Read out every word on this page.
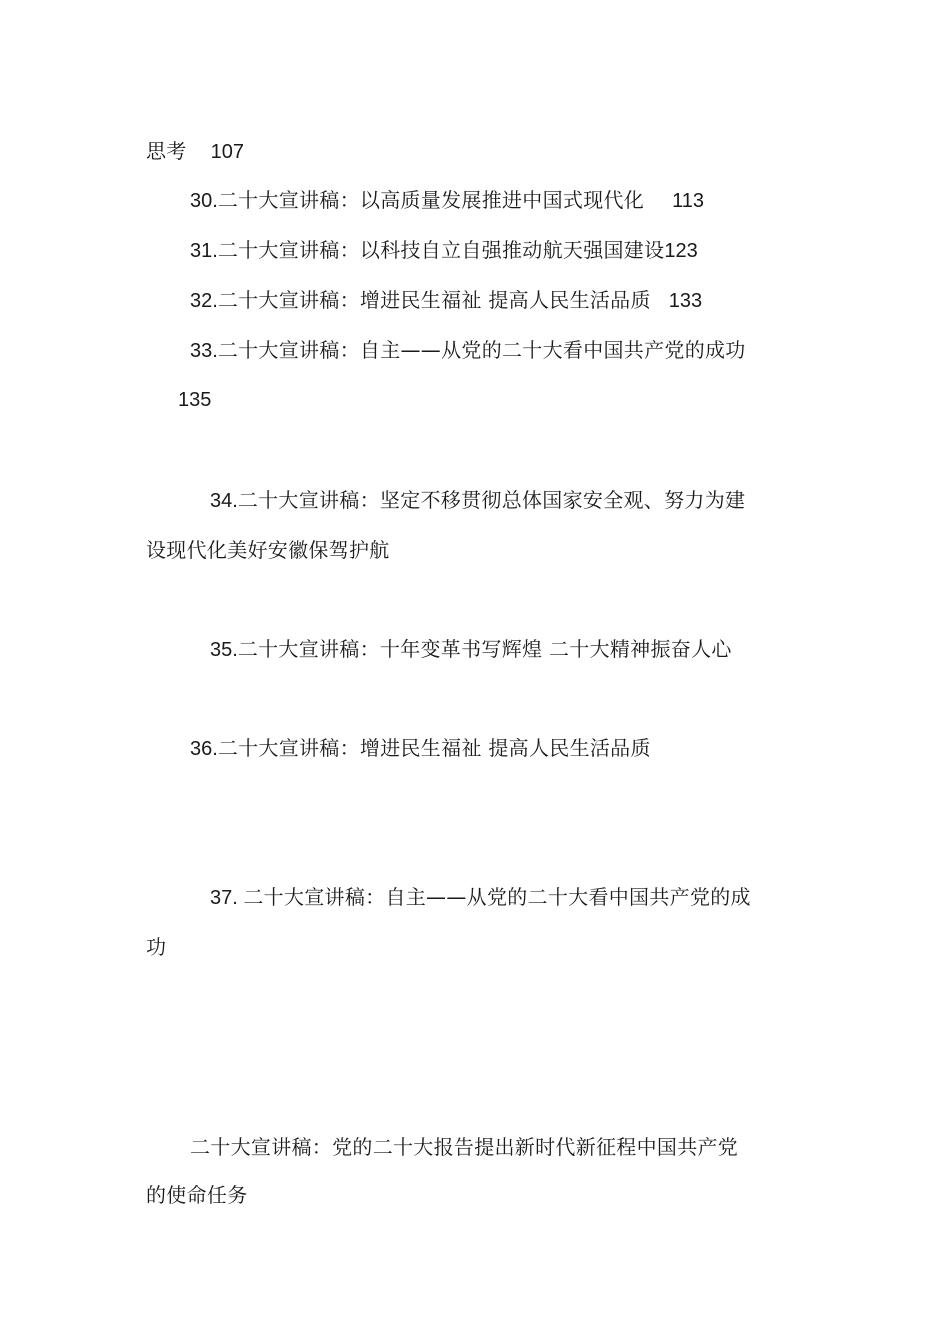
思考 107
30.二十大宣讲稿：以高质量发展推进中国式现代化 113
31.二十大宣讲稿：以科技自立自强推动航天强国建设123
32.二十大宣讲稿：增进民生福祉 提高人民生活品质 133
33.二十大宣讲稿：自主——从党的二十大看中国共产党的成功
135
34.二十大宣讲稿：坚定不移贯彻总体国家安全观、努力为建
设现代化美好安徽保驾护航
35.二十大宣讲稿：十年变革书写辉煌 二十大精神振奋人心
36.二十大宣讲稿：增进民生福祉 提高人民生活品质
37. 二十大宣讲稿：自主——从党的二十大看中国共产党的成
功
二十大宣讲稿：党的二十大报告提出新时代新征程中国共产党
的使命任务
